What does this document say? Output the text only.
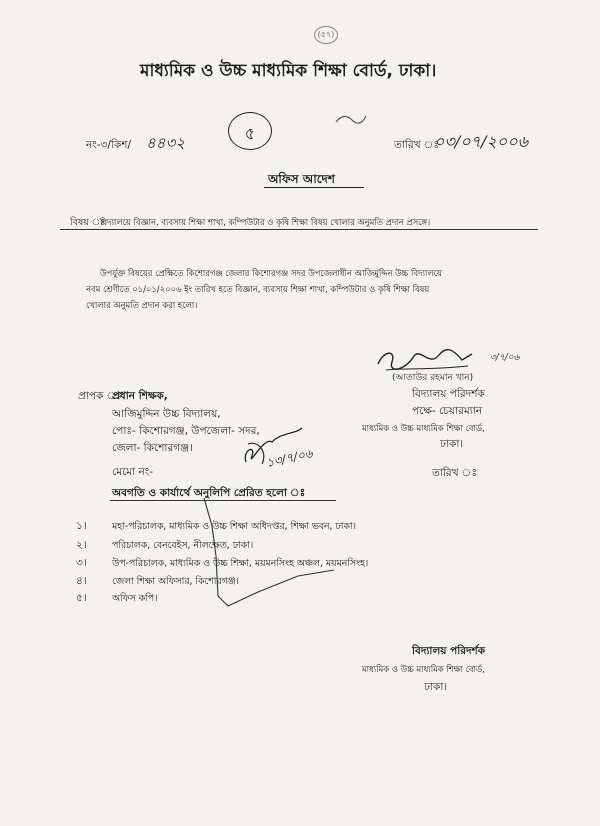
(৫৭)
মাধ্যমিক ও উচ্চ মাধ্যমিক শিক্ষা বোর্ড, ঢাকা।
নং-৩/কিশ/ ৪৪৩২	৫
তারিখ ঃ
০৩/০৭/২০০৬
অফিস আদেশ
বিষয় ঃ
বিদ্যালয়ে বিজ্ঞান, ব্যবসায় শিক্ষা শাখা, কম্পিউটার ও কৃষি শিক্ষা বিষয় খোলার অনুমতি প্রদান প্রসঙ্গে।
উপর্যুক্ত বিষয়ের প্রেক্ষিতে কিশোরগঞ্জ জেলার কিশোরগঞ্জ সদর উপজেলাধীন আজিমুদ্দিন উচ্চ বিদ্যালয়ে
নবম শ্রেণীতে ০১/০১/২০০৬ ইং তারিখ হতে বিজ্ঞান, ব্যবসায় শিক্ষা শাখা, কম্পিউটার ও কৃষি শিক্ষা বিষয়
খোলার অনুমতি প্রদান করা হলো।
৩/৭/০৬
(আতাউর রহমান খান)
বিদ্যালয় পরিদর্শক
পক্ষে- চেয়ারম্যান
মাধ্যমিক ও উচ্চ মাধ্যমিক শিক্ষা বোর্ড,
ঢাকা।
প্রাপক ঃ
প্রধান শিক্ষক,
আজিমুদ্দিন উচ্চ বিদ্যালয়,
পোঃ- কিশোরগঞ্জ, উপজেলা- সদর,
জেলা- কিশোরগঞ্জ।	১৩/৭/০৬
মেমো নং-	তারিখ ঃ
অবগতি ও কার্যার্থে অনুলিপি প্রেরিত হলো ঃ
১।	মহা-পরিচালক, মাধ্যমিক ও উচ্চ শিক্ষা অধিদপ্তর, শিক্ষা ভবন, ঢাকা।
২।	পরিচালক, বেনবেইস, নীলক্ষেত, ঢাকা।
৩।	উপ-পরিচালক, মাধ্যমিক ও উচ্চ শিক্ষা, ময়মনসিংহ অঞ্চল, ময়মনসিংহ।
৪।	জেলা শিক্ষা অফিসার, কিশোরগঞ্জ।
৫।	অফিস কপি।
বিদ্যালয় পরিদর্শক
মাধ্যমিক ও উচ্চ মাধ্যমিক শিক্ষা বোর্ড,
ঢাকা।
